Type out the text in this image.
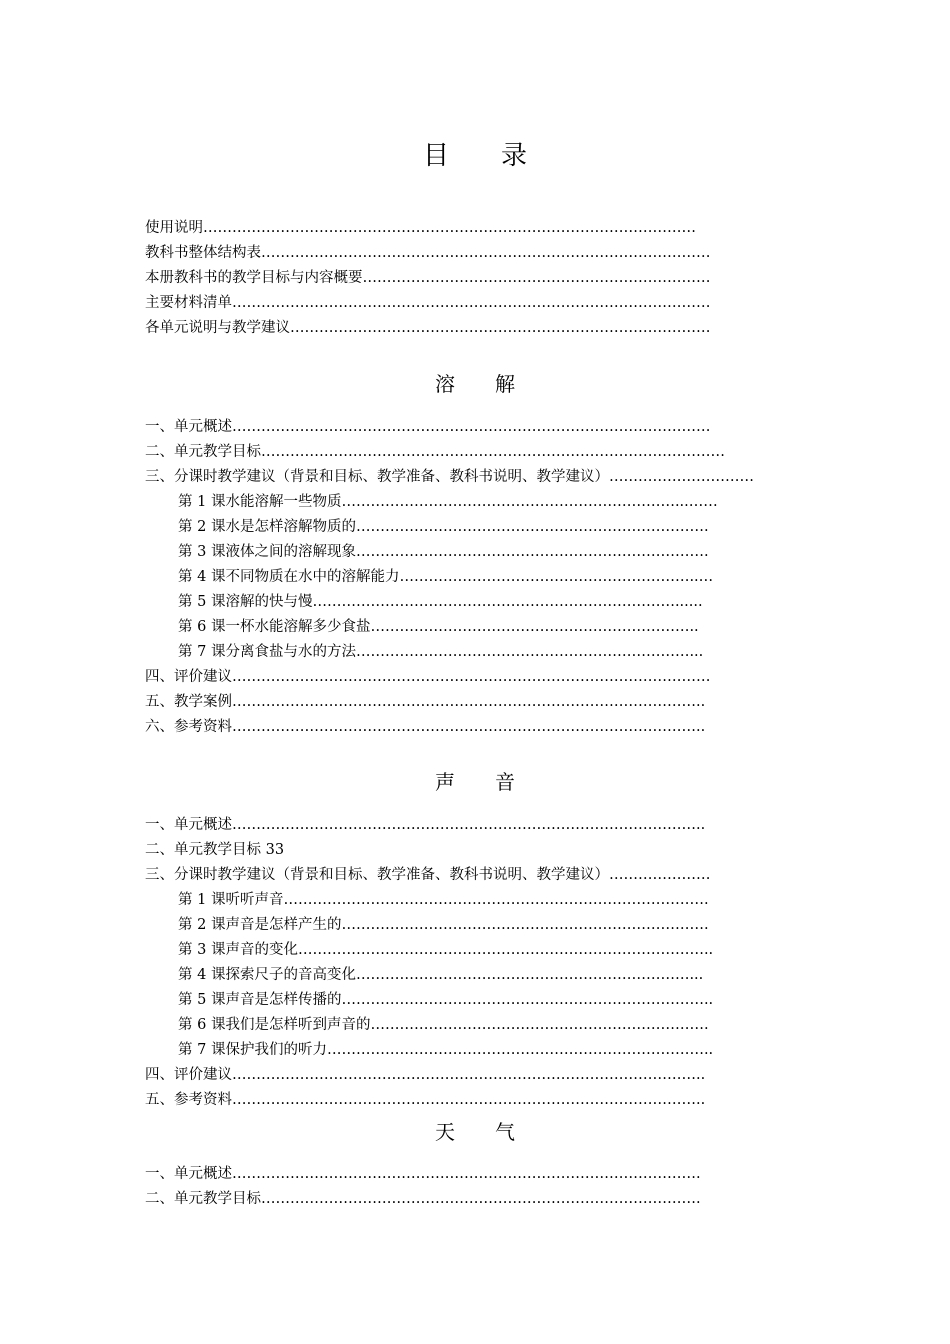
目　　录
使用说明…………………………………………………………………………………………
教科书整体结构表…………………………………………………………………………………
本册教科书的教学目标与内容概要………………………………………………………………
主要材料清单………………………………………………………………………………………
各单元说明与教学建议……………………………………………………………………………
溶　　解
一、单元概述………………………………………………………………………………………
二、单元教学目标……………………………………………………………………………………
三、分课时教学建议（背景和目标、教学准备、教科书说明、教学建议）…………………………
第 1 课水能溶解一些物质……………………………………………………………...……
第 2 课水是怎样溶解物质的……………………………………………………………….
第 3 课液体之间的溶解现象……………………………………………………………….
第 4 课不同物质在水中的溶解能力……………………………………………………..…
第 5 课溶解的快与慢…………………………………………………………………......
第 6 课一杯水能溶解多少食盐…………………………………………………………..
第 7 课分离食盐与水的方法……………………………………………………………...
四、评价建议………………………………………………………………………………………
五、教学案例……………………………………………………………………………………..
六、参考资料……………………………………………………………………………………..
声　　音
一、单元概述……………………………………………………………………………………..
二、单元教学目标 33
三、分课时教学建议（背景和目标、教学准备、教科书说明、教学建议）…………………
第 1 课听听声音…………………………………………………………………………….
第 2 课声音是怎样产生的………………………………………………………………….
第 3 课声音的变化…………………………………………………………………………..
第 4 课探索尺子的音高变化……………………………………………………………...
第 5 课声音是怎样传播的…………………………………………………………………..
第 6 课我们是怎样听到声音的…………………………………………………………….
第 7 课保护我们的听力……………………………………………………………………..
四、评价建议……………………………………………………………………………………..
五、参考资料……………………………………………………………………………………..
天　　气
一、单元概述…………………………………………………………………………………….
二、单元教学目标……………………………………………………………………………….
